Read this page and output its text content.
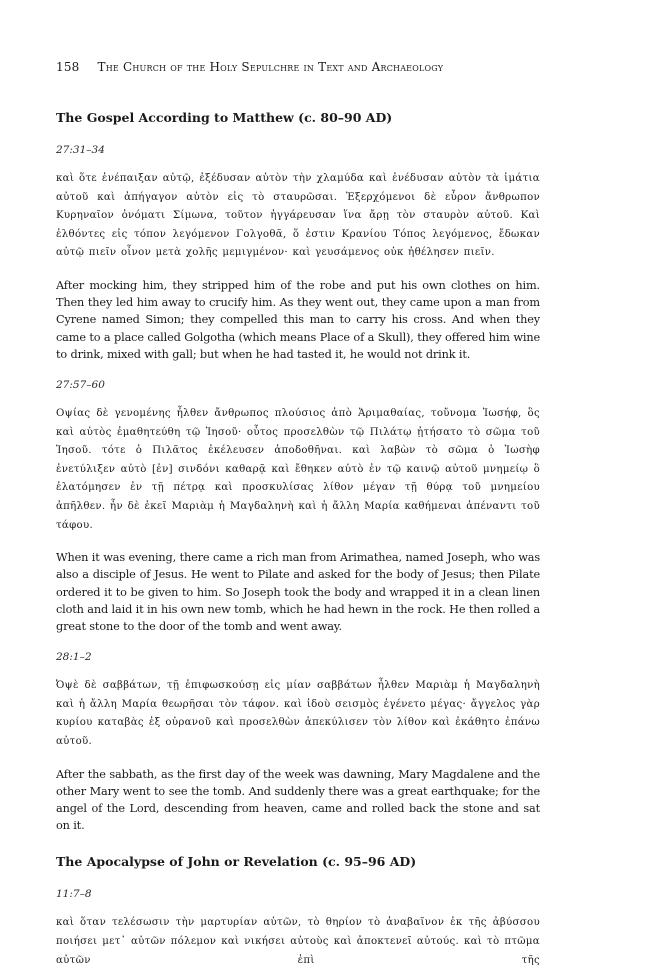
158 The Church of the Holy Sepulchre in Text and Archaeology
The Gospel According to Matthew (c. 80–90 AD)
27:31–34

καὶ ὅτε ἐνέπαιξαν αὐτῷ, ἐξέδυσαν αὐτὸν τὴν χλαμύδα καὶ ἐνέδυσαν αὐτὸν τὰ ἱμάτια αὐτοῦ καὶ ἀπήγαγον αὐτὸν εἰς τὸ σταυρῶσαι. Ἐξερχόμενοι δὲ εὗρον ἄνθρωπον Κυρηναῖον ὀνόματι Σίμωνα, τοῦτον ἠγγάρευσαν ἵνα ἄρῃ τὸν σταυρὸν αὐτοῦ. Καὶ ἐλθόντες εἰς τόπον λεγόμενον Γολγοθᾶ, ὅ ἐστιν Κρανίου Τόπος λεγόμενος, ἔδωκαν αὐτῷ πιεῖν οἶνον μετὰ χολῆς μεμιγμένον· καὶ γευσάμενος οὐκ ἠθέλησεν πιεῖν.

After mocking him, they stripped him of the robe and put his own clothes on him. Then they led him away to crucify him. As they went out, they came upon a man from Cyrene named Simon; they compelled this man to carry his cross. And when they came to a place called Golgotha (which means Place of a Skull), they offered him wine to drink, mixed with gall; but when he had tasted it, he would not drink it.

27:57–60

Οψίας δὲ γενομένης ἦλθεν ἄνθρωπος πλούσιος ἀπὸ Ἁριμαθαίας, τοὔνομα Ἰωσήφ, ὃς καὶ αὐτὸς ἐμαθητεύθη τῷ Ἰησοῦ· οὗτος προσελθὼν τῷ Πιλάτῳ ᾐτήσατο τὸ σῶμα τοῦ Ἰησοῦ. τότε ὁ Πιλᾶτος ἐκέλευσεν ἀποδοθῆναι. καὶ λαβὼν τὸ σῶμα ὁ Ἰωσὴφ ἐνετύλιξεν αὐτὸ [ἐν] σινδόνι καθαρᾷ καὶ ἔθηκεν αὐτὸ ἐν τῷ καινῷ αὐτοῦ μνημείῳ ὃ ἐλατόμησεν ἐν τῇ πέτρᾳ καὶ προσκυλίσας λίθον μέγαν τῇ θύρᾳ τοῦ μνημείου ἀπῆλθεν. ἦν δὲ ἐκεῖ Μαριὰμ ἡ Μαγδαληνὴ καὶ ἡ ἄλλη Μαρία καθήμεναι ἀπέναντι τοῦ τάφου.

When it was evening, there came a rich man from Arimathea, named Joseph, who was also a disciple of Jesus. He went to Pilate and asked for the body of Jesus; then Pilate ordered it to be given to him. So Joseph took the body and wrapped it in a clean linen cloth and laid it in his own new tomb, which he had hewn in the rock. He then rolled a great stone to the door of the tomb and went away.

28:1–2

Ὀψὲ δὲ σαββάτων, τῇ ἐπιφωσκούσῃ εἰς μίαν σαββάτων ἦλθεν Μαριὰμ ἡ Μαγδαληνὴ καὶ ἡ ἄλλη Μαρία θεωρῆσαι τὸν τάφον. καὶ ἰδοὺ σεισμὸς ἐγένετο μέγας· ἄγγελος γὰρ κυρίου καταβὰς ἐξ οὐρανοῦ καὶ προσελθὼν ἀπεκύλισεν τὸν λίθον καὶ ἐκάθητο ἐπάνω αὐτοῦ.

After the sabbath, as the first day of the week was dawning, Mary Magdalene and the other Mary went to see the tomb. And suddenly there was a great earthquake; for the angel of the Lord, descending from heaven, came and rolled back the stone and sat on it.

The Apocalypse of John or Revelation (c. 95–96 AD)
11:7–8

καὶ ὅταν τελέσωσιν τὴν μαρτυρίαν αὐτῶν, τὸ θηρίον τὸ ἀναβαῖνον ἐκ τῆς ἀβύσσου ποιήσει μετ᾽ αὐτῶν πόλεμον καὶ νικήσει αὐτοὺς καὶ ἀποκτενεῖ αὐτούς. καὶ τὸ πτῶμα αὐτῶν ἐπὶ τῆς
